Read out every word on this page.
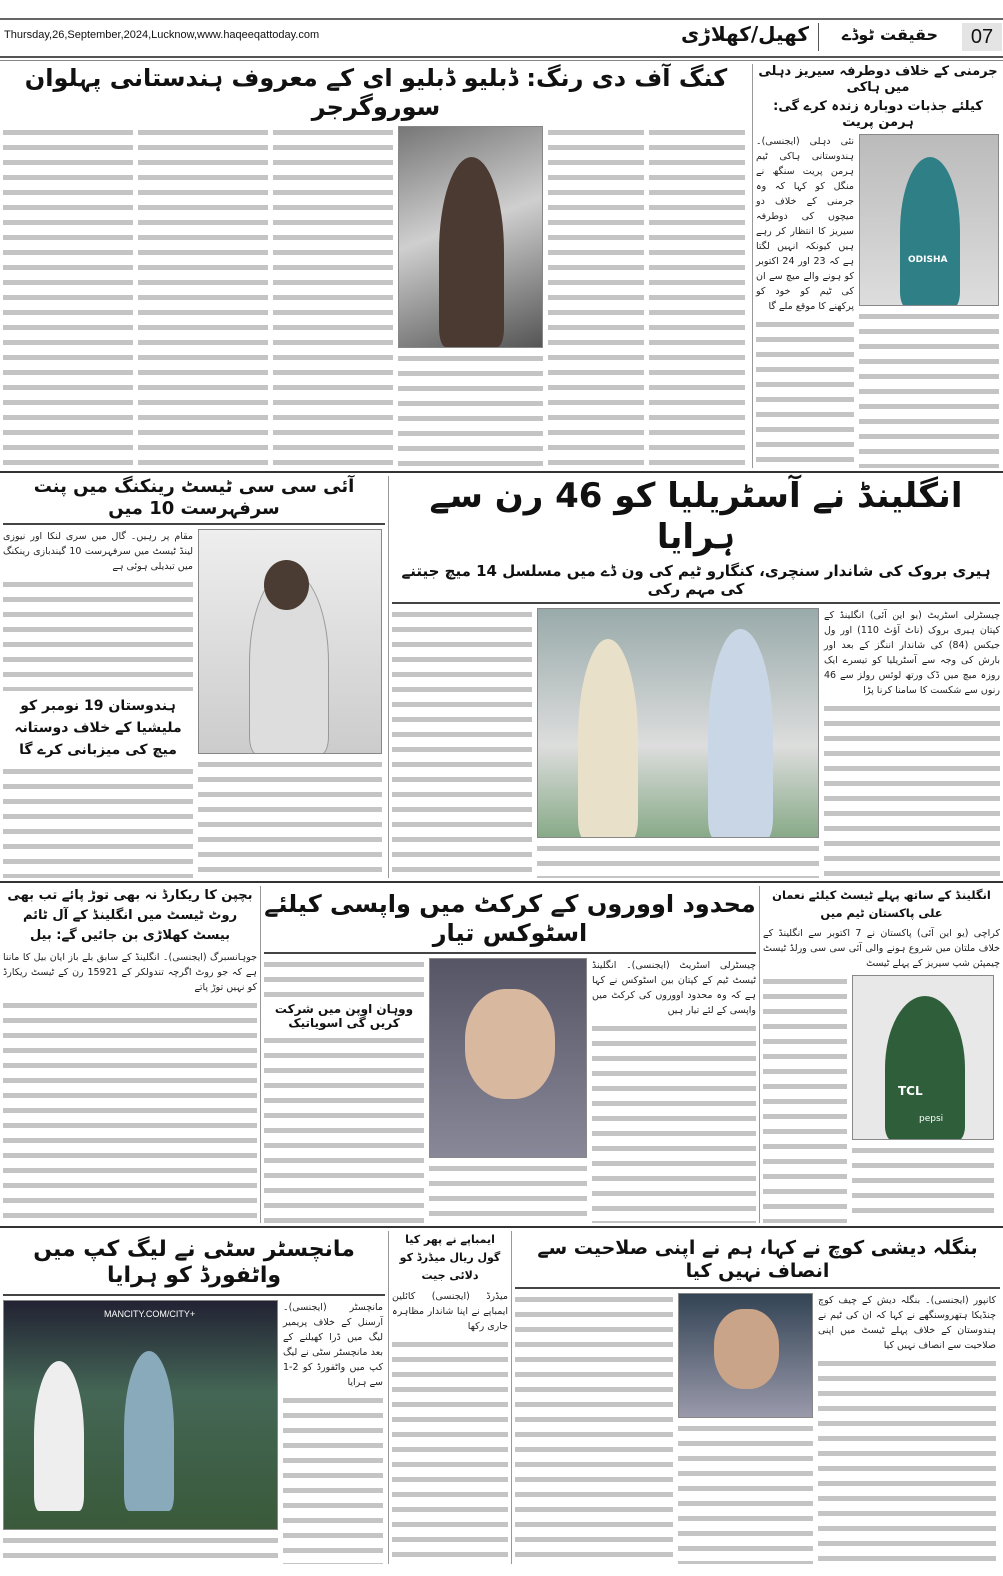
Thursday,26,September,2024,Lucknow,www.haqeeqattoday.com	کھیل/کھلاڑی	حقیقت ٹوڈے	07
کنگ آف دی رنگ: ڈبلیو ڈبلیو ای کے معروف ہندستانی پہلوان سوروگرجر
جرمنی کے خلاف دوطرفہ سیریز دہلی میں ہاکی
کیلئے جذبات دوبارہ زندہ کرے گی: ہرمن پریت
نئی دہلی (ایجنسی)۔ ہندوستانی ہاکی ٹیم ہرمن پریت سنگھ نے منگل کو کہا کہ وہ جرمنی کے خلاف دو میچوں کی دوطرفہ سیریز کا انتظار کر رہے ہیں کیونکہ انہیں لگتا ہے کہ 23 اور 24 اکتوبر کو ہونے والے میچ سے ان کی ٹیم کو خود کو پرکھنے کا موقع ملے گا
ODISHA
آئی سی سی ٹیسٹ رینکنگ میں پنت سرفہرست 10 میں
مقام پر رہیں۔ گال میں سری لنکا اور نیوزی لینڈ ٹیسٹ میں سرفہرست 10 گیندبازی رینکنگ میں تبدیلی ہوئی ہے
ہندوستان 19 نومبر کو ملیشیا کے خلاف دوستانہ میچ کی میزبانی کرے گا
انگلینڈ نے آسٹریلیا کو 46 رن سے ہرایا
ہیری بروک کی شاندار سنچری، کنگارو ٹیم کی ون ڈے میں مسلسل 14 میچ جیتنے کی مہم رکی
چیسٹرلی اسٹریٹ (یو این آئی) انگلینڈ کے کپتان ہیری بروک (ناٹ آؤٹ 110) اور ول جیکس (84) کی شاندار اننگز کے بعد اور بارش کی وجہ سے آسٹریلیا کو تیسرے ایک روزہ میچ میں ڈک ورتھ لوئس رولز سے 46 رنوں سے شکست کا سامنا کرنا پڑا
بچپن کا ریکارڈ نہ بھی توڑ پائے تب بھی روٹ ٹیسٹ میں انگلینڈ کے آل ٹائم بیسٹ کھلاڑی بن جائیں گے: بیل
جوہانسبرگ (ایجنسی)۔ انگلینڈ کے سابق بلے باز ایان بیل کا ماننا ہے کہ جو روٹ اگرچہ تندولکر کے 15921 رن کے ٹیسٹ ریکارڈ کو نہیں توڑ پاتے
محدود اووروں کے کرکٹ میں واپسی کیلئے اسٹوکس تیار
ووہان اوپن میں شرکت کریں گی اسویاتیک
چیسٹرلی اسٹریٹ (ایجنسی)۔ انگلینڈ ٹیسٹ ٹیم کے کپتان بین اسٹوکس نے کہا ہے کہ وہ محدود اووروں کی کرکٹ میں واپسی کے لئے تیار ہیں
انگلینڈ کے ساتھ پہلے ٹیسٹ کیلئے نعمان علی پاکستان ٹیم میں
کراچی (یو این آئی) پاکستان نے 7 اکتوبر سے انگلینڈ کے خلاف ملتان میں شروع ہونے والی آئی سی سی ورلڈ ٹیسٹ چیمپئن شپ سیریز کے پہلے ٹیسٹ
TCL
pepsi
مانچسٹر سٹی نے لیگ کپ میں واٹفورڈ کو ہرایا
MANCITY.COM/CITY+
مانچسٹر (ایجنسی)۔ آرسنل کے خلاف پریمیر لیگ میں ڈرا کھیلنے کے بعد مانچسٹر سٹی نے لیگ کپ میں واٹفورڈ کو 2-1 سے ہرایا
ایمباپے نے پھر کیا گول ریال میڈرڈ کو دلائی جیت
میڈرڈ (ایجنسی) کائلین ایمباپے نے اپنا شاندار مظاہرہ جاری رکھا
بنگلہ دیشی کوچ نے کہا، ہم نے اپنی صلاحیت سے انصاف نہیں کیا
کانپور (ایجنسی)۔ بنگلہ دیش کے چیف کوچ چنڈیکا ہتھروسنگھے نے کہا کہ ان کی ٹیم نے ہندوستان کے خلاف پہلے ٹیسٹ میں اپنی صلاحیت سے انصاف نہیں کیا
